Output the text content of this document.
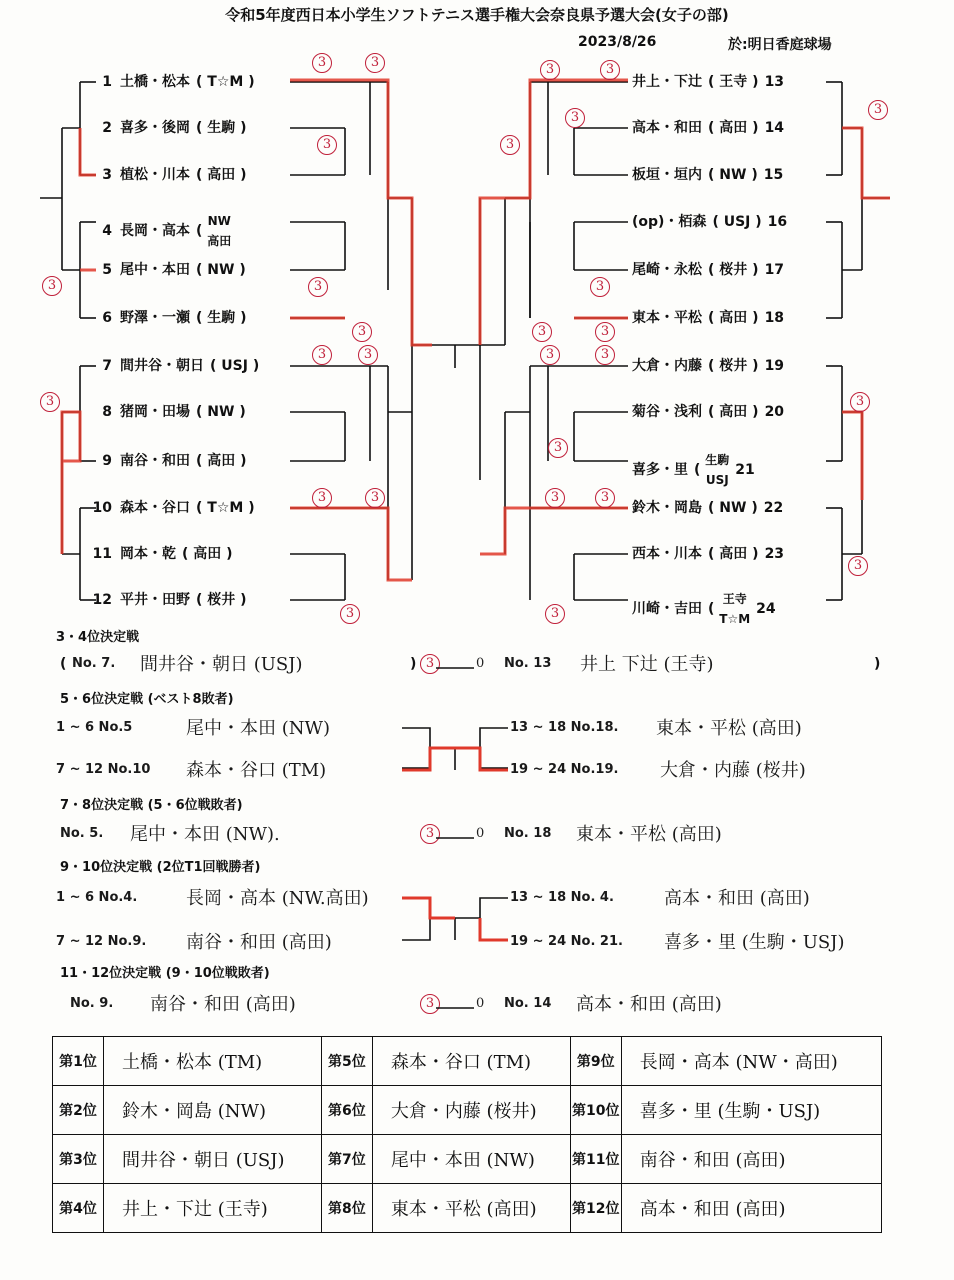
令和5年度西日本小学生ソフトテニス選手権大会奈良県予選大会(女子の部)
2023/8/26	於:明日香庭球場
1 土橋・松本 ( T☆M )
2 喜多・後岡 ( 生駒 )
3 植松・川本 ( 高田 )
4 長岡・高本 ( NW
高田
5 尾中・本田 ( NW )
6 野澤・一瀬 ( 生駒 )
7 間井谷・朝日 ( USJ )
8 猪岡・田場 ( NW )
9 南谷・和田 ( 高田 )
10 森本・谷口 ( T☆M )
11 岡本・乾 ( 高田 )
12 平井・田野 ( 桜井 )
井上・下辻 ( 王寺 ) 13
高本・和田 ( 高田 ) 14
板垣・垣内 ( NW ) 15
(op)・栢森 ( USJ ) 16
尾崎・永松 ( 桜井 ) 17
東本・平松 ( 高田 ) 18
大倉・内藤 ( 桜井 ) 19
菊谷・浅利 ( 高田 ) 20
喜多・里 ( 生駒
USJ21
鈴木・岡島 ( NW ) 22
西本・川本 ( 高田 ) 23
川崎・吉田 ( 王寺
T☆M24
3	3
3
3
3
3	3
3	3
3
3	3
3
3
3
3	3
3	3
3	3
3
3
3
3
3
3
3
3・4位決定戦
( No. 7. 間井谷・朝日 (USJ)	) 3	0 No. 13 井上 下辻 (王寺)	)
5・6位決定戦 (ベスト8敗者)
1 ~ 6 No.5	尾中・本田 (NW)
7 ~ 12 No.10 森本・谷口 (TM)
13 ~ 18 No.18. 東本・平松 (高田)
19 ~ 24 No.19. 大倉・内藤 (桜井)
7・8位決定戦 (5・6位戦敗者)
No. 5. 尾中・本田 (NW).	3	0 No. 18 東本・平松 (高田)
9・10位決定戦 (2位T1回戦勝者)
1 ~ 6 No.4.	長岡・高本 (NW.高田)
7 ~ 12 No.9. 南谷・和田 (高田)
13 ~ 18 No. 4.	高本・和田 (高田)
19 ~ 24 No. 21. 喜多・里 (生駒・USJ)
11・12位決定戦 (9・10位戦敗者)
No. 9. 南谷・和田 (高田)	3	0 No. 14 高本・和田 (高田)
第1位	土橋・松本 (TM)	第5位	森本・谷口 (TM)	第9位	長岡・高本 (NW・高田)
第2位	鈴木・岡島 (NW)	第6位	大倉・内藤 (桜井)	第10位	喜多・里 (生駒・USJ)
第3位	間井谷・朝日 (USJ)	第7位	尾中・本田 (NW)	第11位	南谷・和田 (高田)
第4位	井上・下辻 (王寺)	第8位	東本・平松 (高田)	第12位	高本・和田 (高田)
